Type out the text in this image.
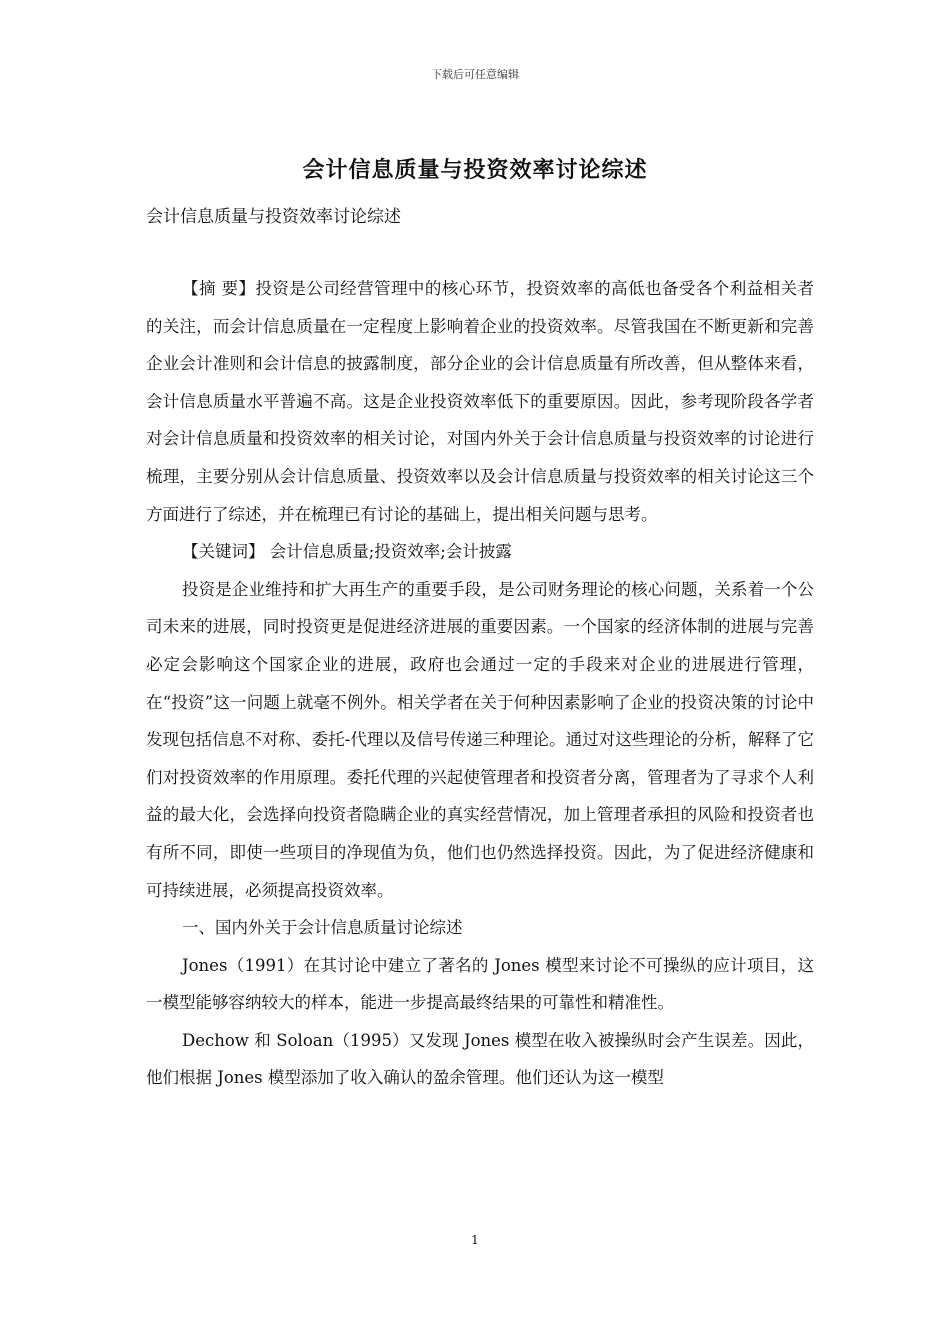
下载后可任意编辑
会计信息质量与投资效率讨论综述
会计信息质量与投资效率讨论综述

【摘 要】投资是公司经营管理中的核心环节，投资效率的高低也备受各个利益相关者的关注，而会计信息质量在一定程度上影响着企业的投资效率。尽管我国在不断更新和完善企业会计准则和会计信息的披露制度，部分企业的会计信息质量有所改善，但从整体来看，会计信息质量水平普遍不高。这是企业投资效率低下的重要原因。因此，参考现阶段各学者对会计信息质量和投资效率的相关讨论，对国内外关于会计信息质量与投资效率的讨论进行梳理，主要分别从会计信息质量、投资效率以及会计信息质量与投资效率的相关讨论这三个方面进行了综述，并在梳理已有讨论的基础上，提出相关问题与思考。

【关键词】 会计信息质量;投资效率;会计披露

投资是企业维持和扩大再生产的重要手段，是公司财务理论的核心问题，关系着一个公司未来的进展，同时投资更是促进经济进展的重要因素。一个国家的经济体制的进展与完善必定会影响这个国家企业的进展，政府也会通过一定的手段来对企业的进展进行管理，在“投资”这一问题上就毫不例外。相关学者在关于何种因素影响了企业的投资决策的讨论中发现包括信息不对称、委托-代理以及信号传递三种理论。通过对这些理论的分析，解释了它们对投资效率的作用原理。委托代理的兴起使管理者和投资者分离，管理者为了寻求个人利益的最大化，会选择向投资者隐瞒企业的真实经营情况，加上管理者承担的风险和投资者也有所不同，即使一些项目的净现值为负，他们也仍然选择投资。因此，为了促进经济健康和可持续进展，必须提高投资效率。

一、国内外关于会计信息质量讨论综述

Jones（1991）在其讨论中建立了著名的 Jones 模型来讨论不可操纵的应计项目，这一模型能够容纳较大的样本，能进一步提高最终结果的可靠性和精准性。

Dechow 和 Soloan（1995）又发现 Jones 模型在收入被操纵时会产生误差。因此，他们根据 Jones 模型添加了收入确认的盈余管理。他们还认为这一模型

1
